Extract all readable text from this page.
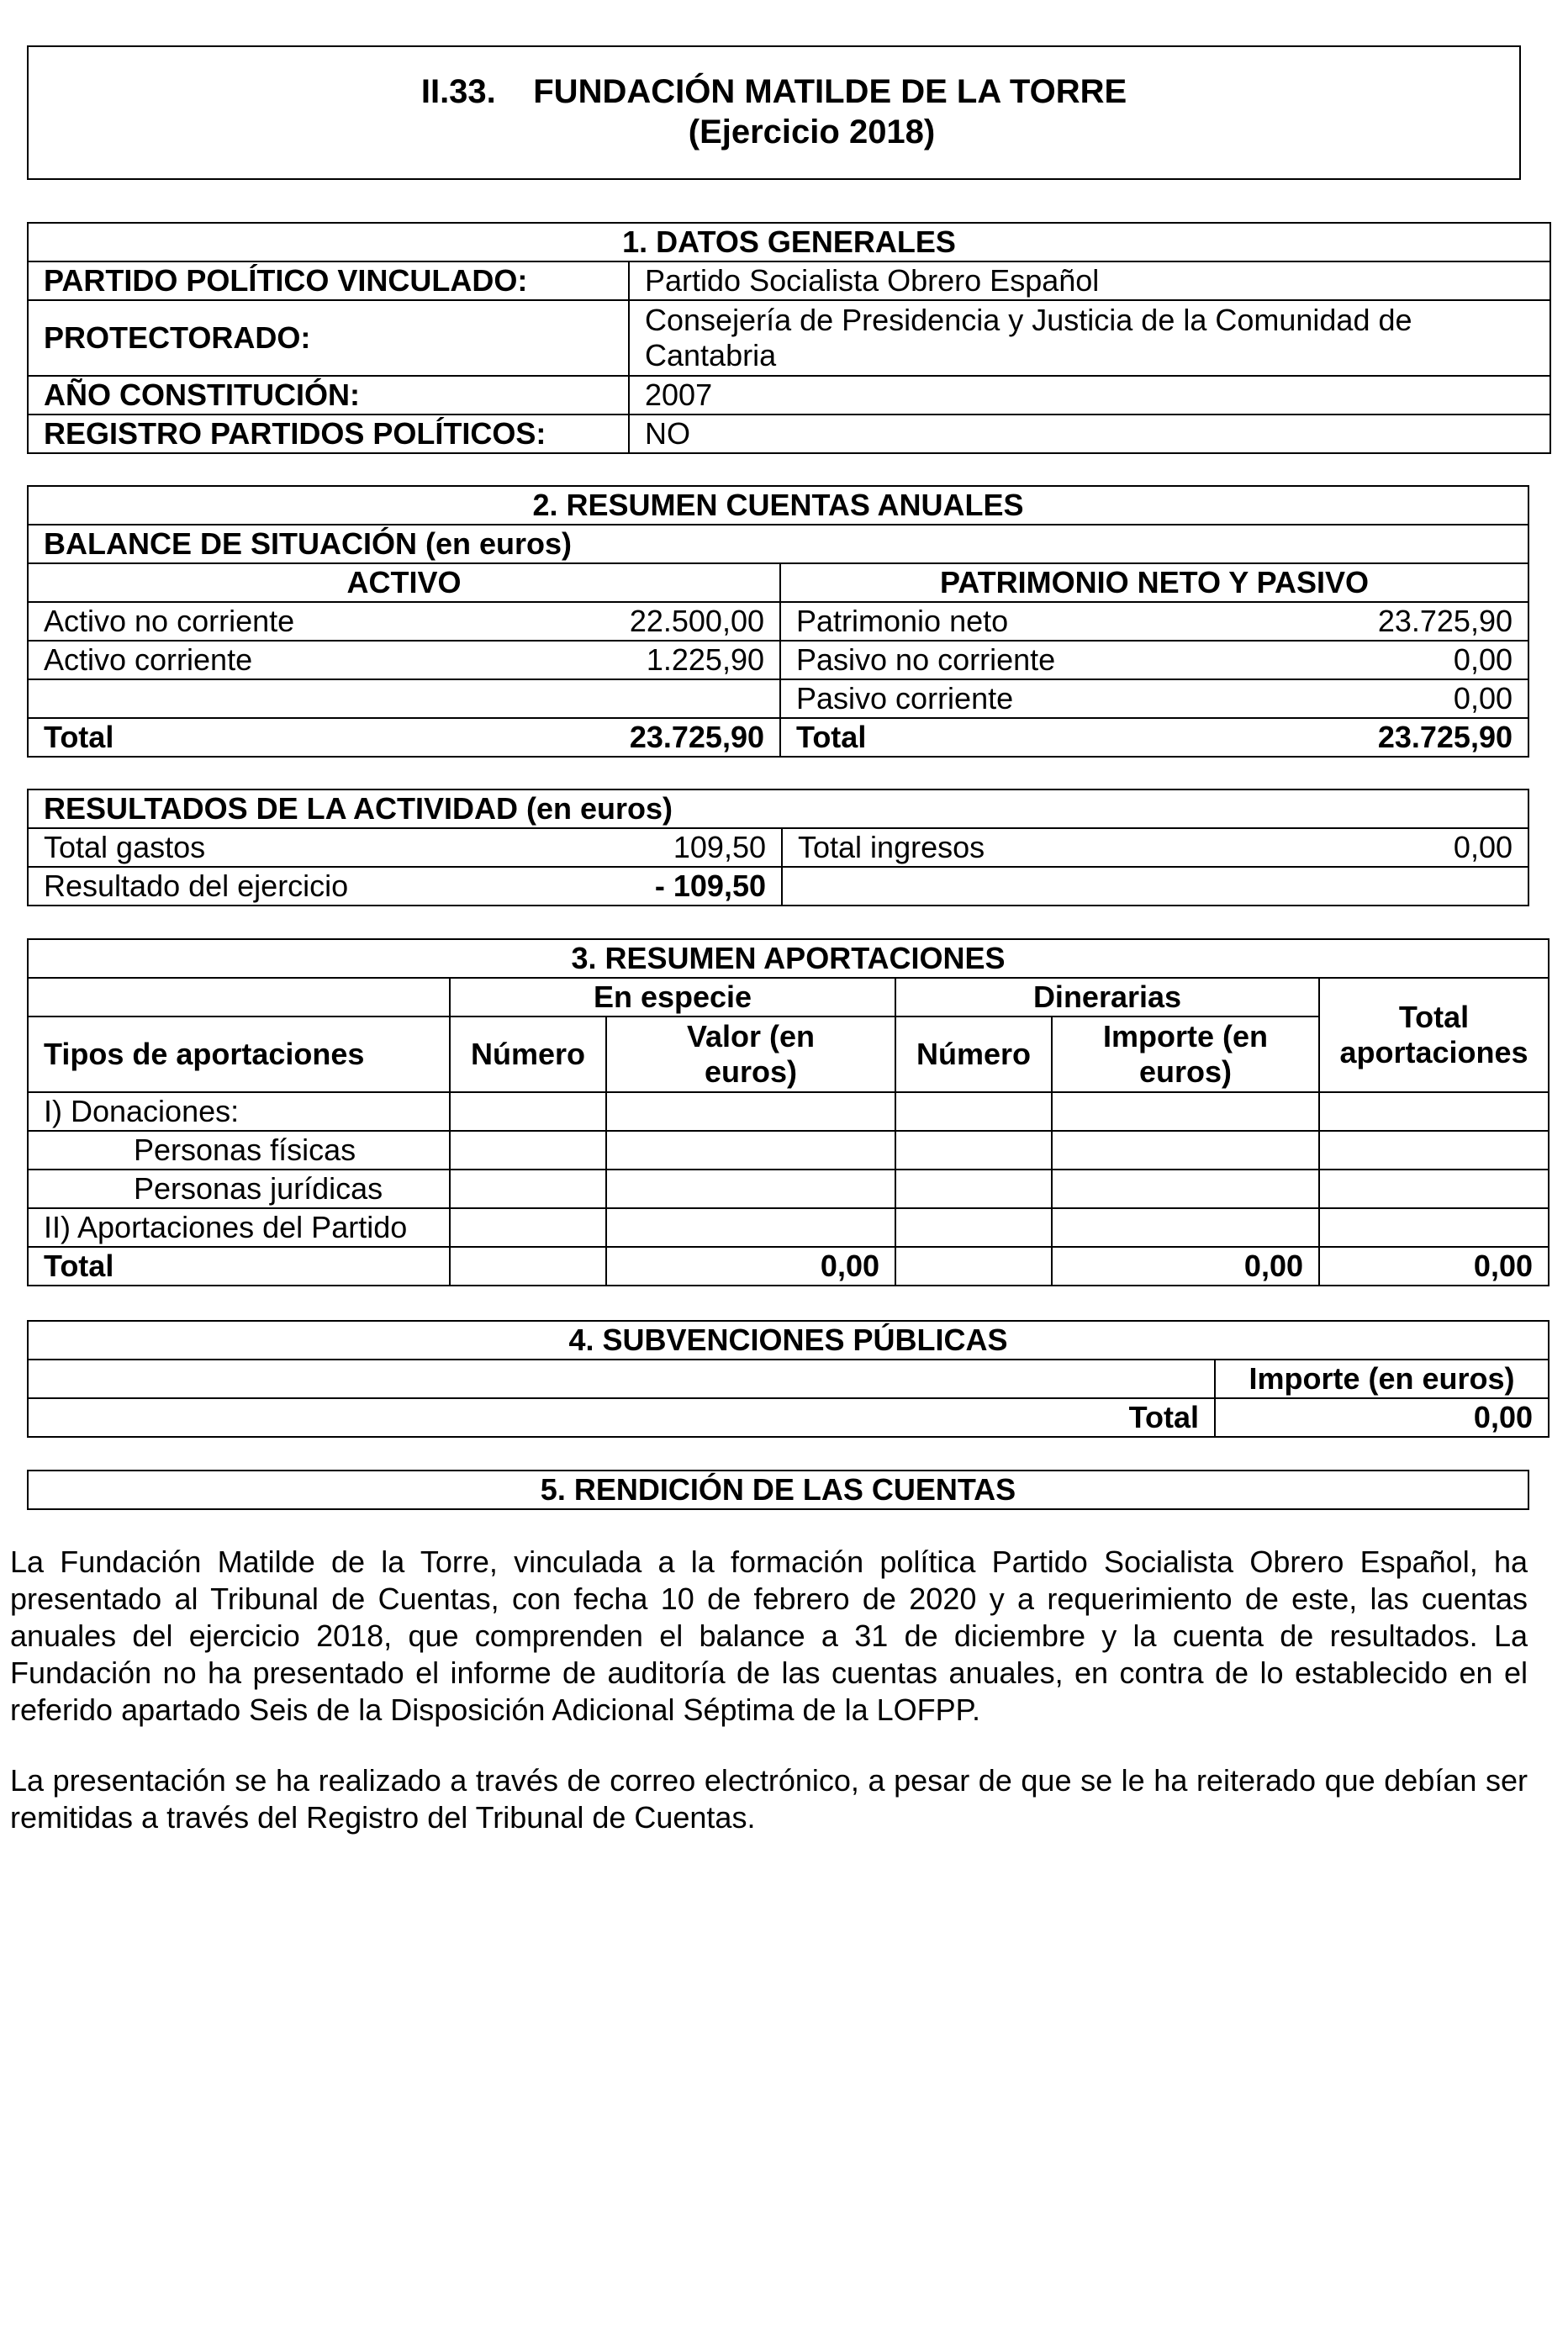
II.33.    FUNDACIÓN MATILDE DE LA TORRE
(Ejercicio 2018)
1. DATOS GENERALES	
PARTIDO POLÍTICO VINCULADO:	Partido Socialista Obrero Español
PROTECTORADO:	Consejería de Presidencia y Justicia de la Comunidad de Cantabria
AÑO CONSTITUCIÓN:	2007
REGISTRO PARTIDOS POLÍTICOS:	NO
2. RESUMEN CUENTAS ANUALES			
BALANCE DE SITUACIÓN (en euros)			
ACTIVO		PATRIMONIO NETO Y PASIVO	
Activo no corriente	22.500,00	Patrimonio neto	23.725,90
Activo corriente	1.225,90	Pasivo no corriente	0,00
		Pasivo corriente	0,00
Total	23.725,90	Total	23.725,90
RESULTADOS DE LA ACTIVIDAD (en euros)			
Total gastos	109,50	Total ingresos	0,00
Resultado del ejercicio	- 109,50		
3. RESUMEN APORTACIONES					
	En especie		Dinerarias		Total aportaciones
Tipos de aportaciones	Número	Valor (en euros)	Número	Importe (en euros)	
I) Donaciones:					
Personas físicas					
Personas jurídicas					
II) Aportaciones del Partido					
Total		0,00		0,00	0,00
4. SUBVENCIONES PÚBLICAS	
	Importe (en euros)
Total	0,00
5. RENDICIÓN DE LAS CUENTAS
La Fundación Matilde de la Torre, vinculada a la formación política Partido Socialista Obrero Español, ha presentado al Tribunal de Cuentas, con fecha 10 de febrero de 2020 y a requerimiento de este, las cuentas anuales del ejercicio 2018, que comprenden el balance a 31 de diciembre y la cuenta de resultados. La Fundación no ha presentado el informe de auditoría de las cuentas anuales, en contra de lo establecido en el referido apartado Seis de la Disposición Adicional Séptima de la LOFPP.
La presentación se ha realizado a través de correo electrónico, a pesar de que se le ha reiterado que debían ser remitidas a través del Registro del Tribunal de Cuentas.
